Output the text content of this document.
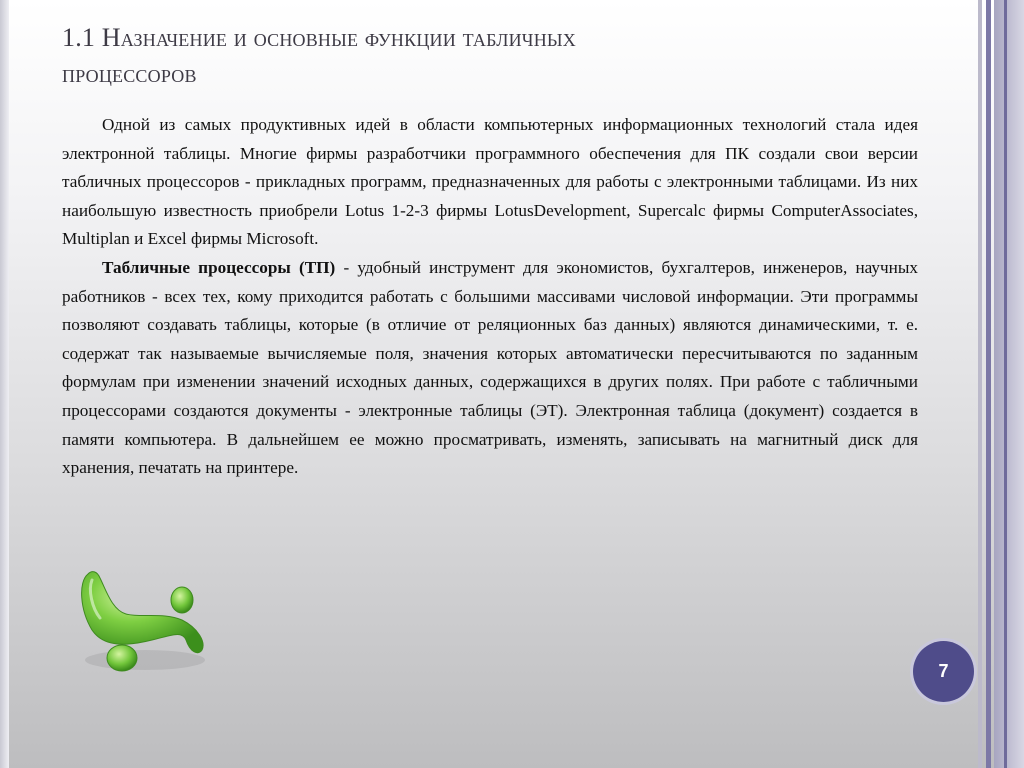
1.1 Назначение и основные функции табличных
процессоров

Одной из самых продуктивных идей в области компьютерных информационных технологий стала идея электронной таблицы. Многие фирмы разработчики программного обеспечения для ПК создали свои версии табличных процессоров - прикладных программ, предназначенных для работы с электронными таблицами. Из них наибольшую известность приобрели Lotus 1-2-3 фирмы LotusDevelopment, Supercalc фирмы ComputerAssociates, Multiplan и Excel фирмы Microsoft.

Табличные процессоры (ТП) - удобный инструмент для экономистов, бухгалтеров, инженеров, научных работников - всех тех, кому приходится работать с большими массивами числовой информации. Эти программы позволяют создавать таблицы, которые (в отличие от реляционных баз данных) являются динамическими, т. е. содержат так называемые вычисляемые поля, значения которых автоматически пересчитываются по заданным формулам при изменении значений исходных данных, содержащихся в других полях. При работе с табличными процессорами создаются документы - электронные таблицы (ЭТ). Электронная таблица (документ) создается в памяти компьютера. В дальнейшем ее можно просматривать, изменять, записывать на магнитный диск для хранения, печатать на принтере.

7
